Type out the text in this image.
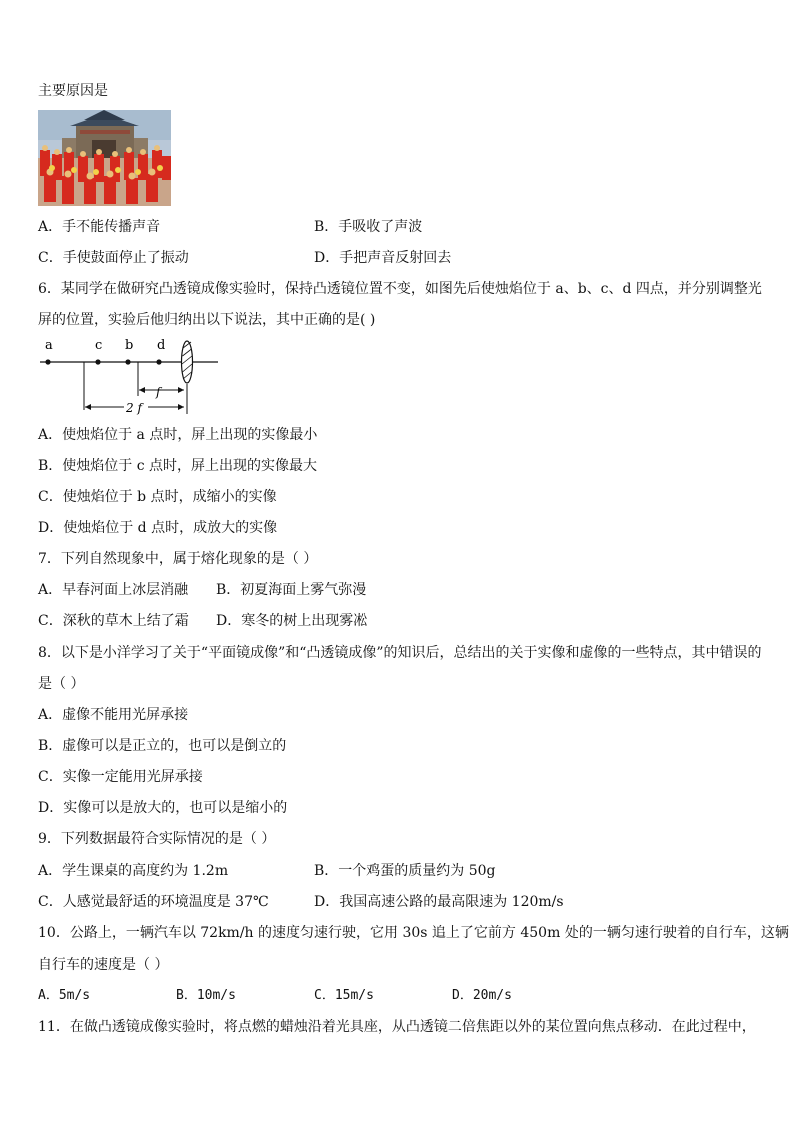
主要原因是
A．手不能传播声音	B．手吸收了声波
C．手使鼓面停止了振动	D．手把声音反射回去
6．某同学在做研究凸透镜成像实验时，保持凸透镜位置不变，如图先后使烛焰位于 a、b、c、d 四点，并分别调整光
屏的位置，实验后他归纳出以下说法，其中正确的是( )
a	c b d
f
2 f
A．使烛焰位于 a 点时，屏上出现的实像最小
B．使烛焰位于 c 点时，屏上出现的实像最大
C．使烛焰位于 b 点时，成缩小的实像
D．使烛焰位于 d 点时，成放大的实像
7．下列自然现象中，属于熔化现象的是（ ）
A．早春河面上冰层消融 B．初夏海面上雾气弥漫
C．深秋的草木上结了霜 D．寒冬的树上出现雾凇
8．以下是小洋学习了关于“平面镜成像”和“凸透镜成像”的知识后，总结出的关于实像和虚像的一些特点，其中错误的
是（ ）
A．虚像不能用光屏承接
B．虚像可以是正立的，也可以是倒立的
C．实像一定能用光屏承接
D．实像可以是放大的，也可以是缩小的
9．下列数据最符合实际情况的是（ ）
A．学生课桌的高度约为 1.2m	B．一个鸡蛋的质量约为 50g
C．人感觉最舒适的环境温度是 37℃	D．我国高速公路的最高限速为 120m/s
10．公路上，一辆汽车以 72km/h 的速度匀速行驶，它用 30s 追上了它前方 450m 处的一辆匀速行驶着的自行车，这辆
自行车的速度是（ ）
A．5m/s	B．10m/s	C．15m/s	D．20m/s
11．在做凸透镜成像实验时，将点燃的蜡烛沿着光具座，从凸透镜二倍焦距以外的某位置向焦点移动．在此过程中，
